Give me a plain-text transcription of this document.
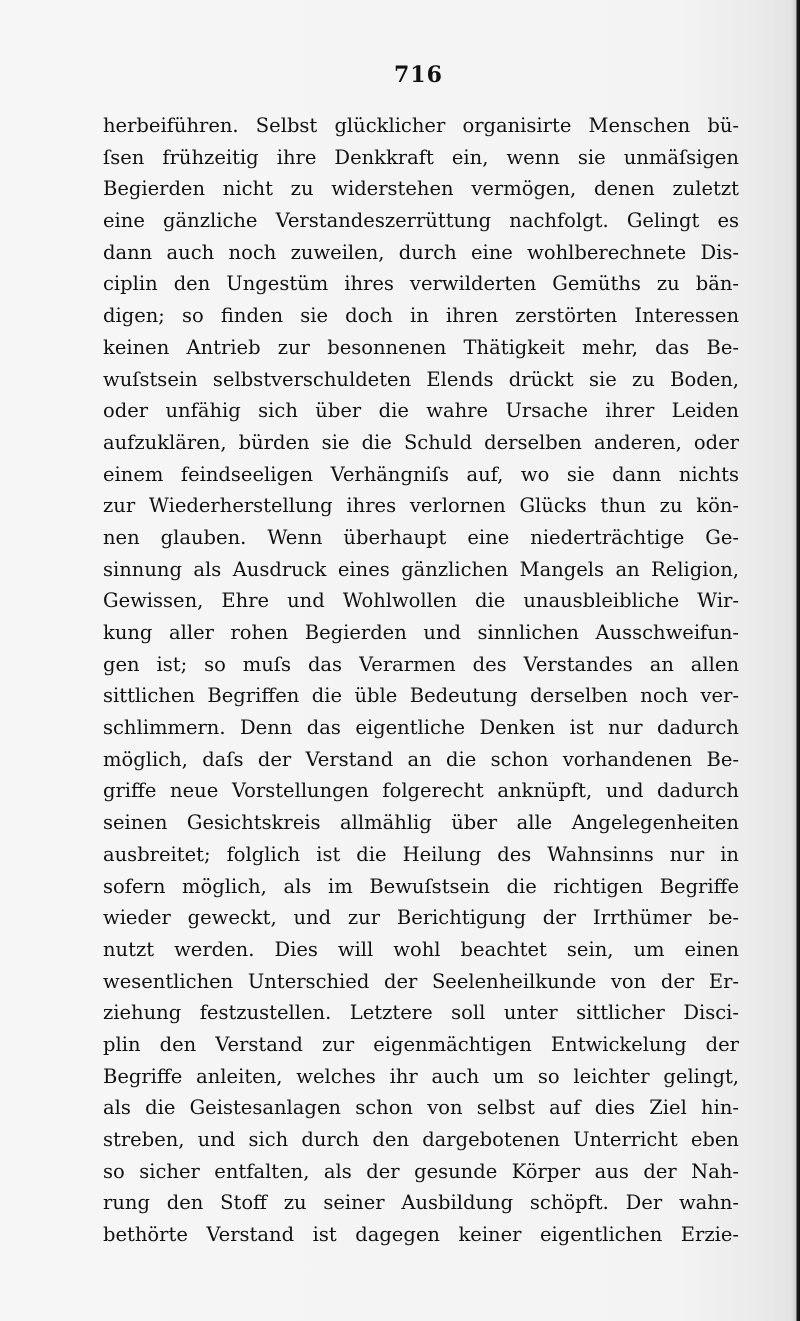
716
herbeiführen. Selbst glücklicher organisirte Menschen bü-
ſsen frühzeitig ihre Denkkraft ein, wenn sie unmäſsigen
Begierden nicht zu widerstehen vermögen, denen zuletzt
eine gänzliche Verstandeszerrüttung nachfolgt. Gelingt es
dann auch noch zuweilen, durch eine wohlberechnete Dis-
ciplin den Ungestüm ihres verwilderten Gemüths zu bän-
digen; so finden sie doch in ihren zerstörten Interessen
keinen Antrieb zur besonnenen Thätigkeit mehr, das Be-
wuſstsein selbstverschuldeten Elends drückt sie zu Boden,
oder unfähig sich über die wahre Ursache ihrer Leiden
aufzuklären, bürden sie die Schuld derselben anderen, oder
einem feindseeligen Verhängniſs auf, wo sie dann nichts
zur Wiederherstellung ihres verlornen Glücks thun zu kön-
nen glauben. Wenn überhaupt eine niederträchtige Ge-
sinnung als Ausdruck eines gänzlichen Mangels an Religion,
Gewissen, Ehre und Wohlwollen die unausbleibliche Wir-
kung aller rohen Begierden und sinnlichen Ausschweifun-
gen ist; so muſs das Verarmen des Verstandes an allen
sittlichen Begriffen die üble Bedeutung derselben noch ver-
schlimmern. Denn das eigentliche Denken ist nur dadurch
möglich, daſs der Verstand an die schon vorhandenen Be-
griffe neue Vorstellungen folgerecht anknüpft, und dadurch
seinen Gesichtskreis allmählig über alle Angelegenheiten
ausbreitet; folglich ist die Heilung des Wahnsinns nur in
sofern möglich, als im Bewuſstsein die richtigen Begriffe
wieder geweckt, und zur Berichtigung der Irrthümer be-
nutzt werden. Dies will wohl beachtet sein, um einen
wesentlichen Unterschied der Seelenheilkunde von der Er-
ziehung festzustellen. Letztere soll unter sittlicher Disci-
plin den Verstand zur eigenmächtigen Entwickelung der
Begriffe anleiten, welches ihr auch um so leichter gelingt,
als die Geistesanlagen schon von selbst auf dies Ziel hin-
streben, und sich durch den dargebotenen Unterricht eben
so sicher entfalten, als der gesunde Körper aus der Nah-
rung den Stoff zu seiner Ausbildung schöpft. Der wahn-
bethörte Verstand ist dagegen keiner eigentlichen Erzie-
